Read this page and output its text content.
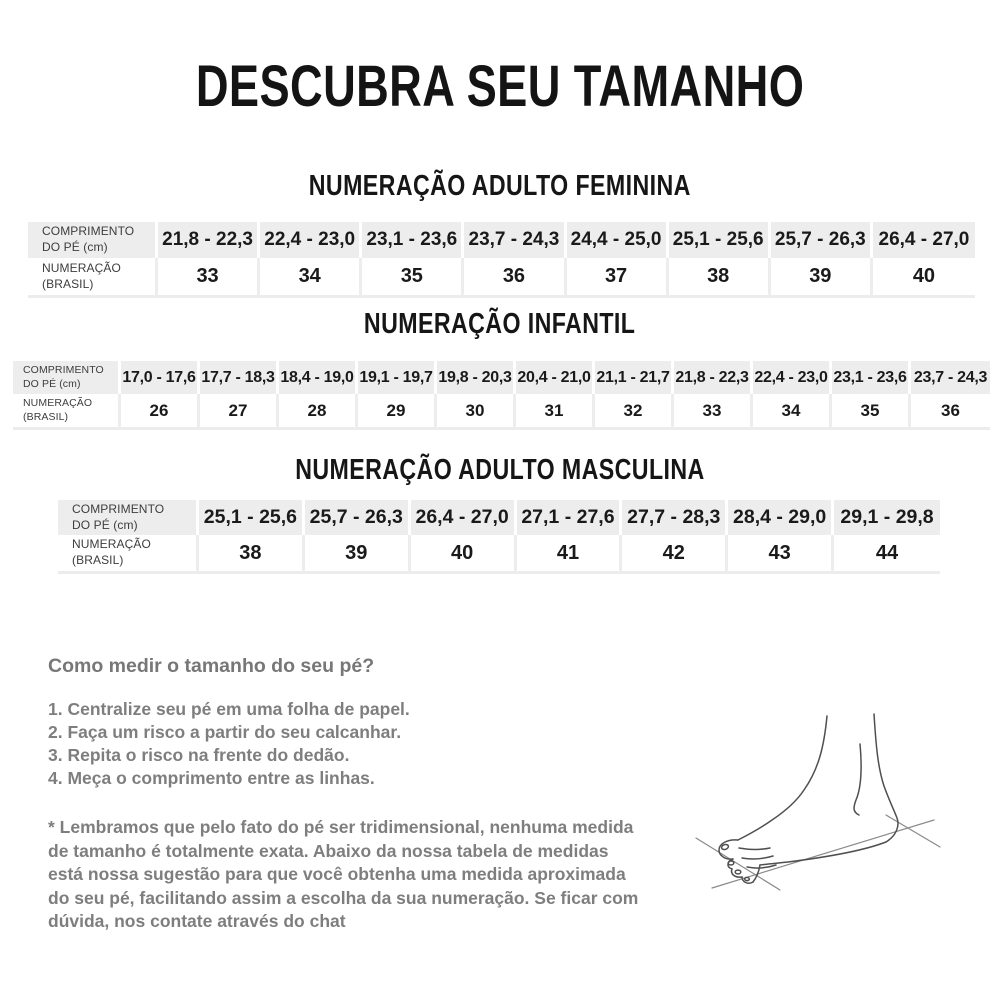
DESCUBRA SEU TAMANHO
NUMERAÇÃO ADULTO FEMININA
COMPRIMENTO
DO PÉ (cm)	21,8 - 22,3	22,4 - 23,0	23,1 - 23,6	23,7 - 24,3	24,4 - 25,0	25,1 - 25,6	25,7 - 26,3	26,4 - 27,0

NUMERAÇÃO
(BRASIL)	33	34	35	36	37	38	39	40
NUMERAÇÃO INFANTIL
COMPRIMENTO
DO PÉ (cm)	17,0 - 17,6	17,7 - 18,3	18,4 - 19,0	19,1 - 19,7	19,8 - 20,3	20,4 - 21,0	21,1 - 21,7	21,8 - 22,3	22,4 - 23,0	23,1 - 23,6	23,7 - 24,3

NUMERAÇÃO
(BRASIL)	26	27	28	29	30	31	32	33	34	35	36
NUMERAÇÃO ADULTO MASCULINA
COMPRIMENTO
DO PÉ (cm)	25,1 - 25,6	25,7 - 26,3	26,4 - 27,0	27,1 - 27,6	27,7 - 28,3	28,4 - 29,0	29,1 - 29,8

NUMERAÇÃO
(BRASIL)	38	39	40	41	42	43	44
Como medir o tamanho do seu pé?

1. Centralize seu pé em uma folha de papel.

2. Faça um risco a partir do seu calcanhar.

3. Repita o risco na frente do dedão.

4. Meça o comprimento entre as linhas.

* Lembramos que pelo fato do pé ser tridimensional, nenhuma medida de tamanho é totalmente exata. Abaixo da nossa tabela de medidas está nossa sugestão para que você obtenha uma medida aproximada do seu pé, facilitando assim a escolha da sua numeração. Se ficar com dúvida, nos contate através do chat
